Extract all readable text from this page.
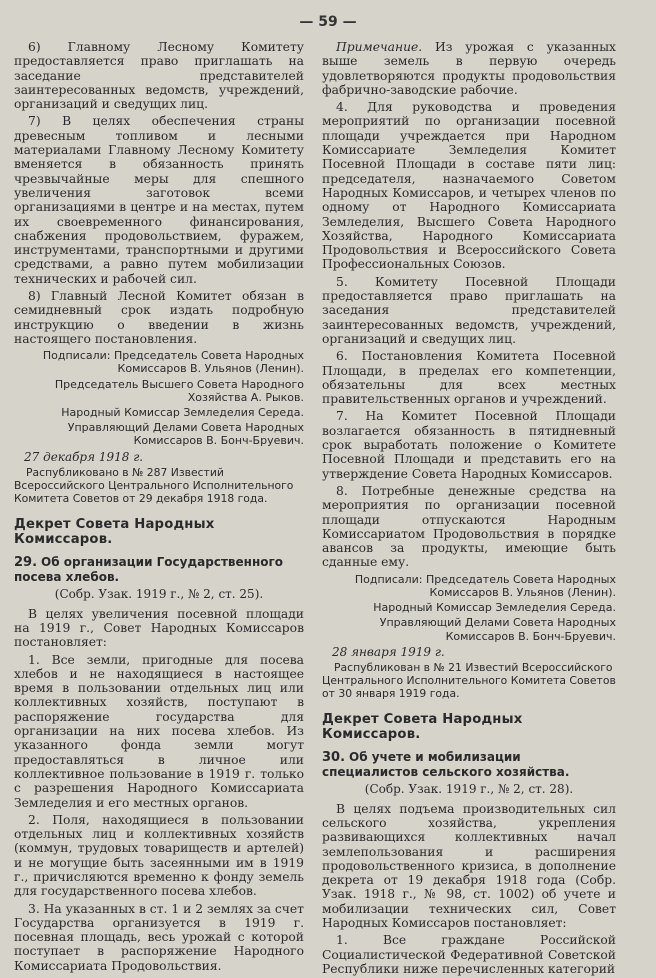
— 59 —

6) Главному Лесному Комитету предоставляется право приглашать на заседание представителей заинтересованных ведомств, учреждений, организаций и сведущих лиц.

7) В целях обеспечения страны древесным топливом и лесными материалами Главному Лесному Комитету вменяется в обязанность принять чрезвычайные меры для спешного увеличения заготовок всеми организациями в центре и на местах, путем их своевременного финансирования, снабжения продовольствием, фуражем, инструментами, транспортными и другими средствами, а равно путем мобилизации технических и рабочей сил.

8) Главный Лесной Комитет обязан в семидневный срок издать подробную инструкцию о введении в жизнь настоящего постановления.

Подписали: Председатель Совета Народных Комиссаров В. Ульянов (Ленин).

Председатель Высшего Совета Народного Хозяйства А. Рыков.

Народный Комиссар Земледелия Середа.

Управляющий Делами Совета Народных Комиссаров В. Бонч-Бруевич.

27 декабря 1918 г.

Распубликовано в № 287 Известий Всероссийского Центрального Исполнительного Комитета Советов от 29 декабря 1918 года.

Декрет Совета Народных Комиссаров.

29. Об организации Государственного посева хлебов.

(Собр. Узак. 1919 г., № 2, ст. 25).

В целях увеличения посевной площади на 1919 г., Совет Народных Комиссаров постановляет:

1. Все земли, пригодные для посева хлебов и не находящиеся в настоящее время в пользовании отдельных лиц или коллективных хозяйств, поступают в распоряжение государства для организации на них посева хлебов. Из указанного фонда земли могут предоставляться в личное или коллективное пользование в 1919 г. только с разрешения Народного Комиссариата Земледелия и его местных органов.

2. Поля, находящиеся в пользовании отдельных лиц и коллективных хозяйств (коммун, трудовых товариществ и артелей) и не могущие быть засеянными им в 1919 г., причисляются временно к фонду земель для государственного посева хлебов.

3. На указанных в ст. 1 и 2 землях за счет Государства организуется в 1919 г. посевная площадь, весь урожай с которой поступает в распоряжение Народного Комиссариата Продовольствия.

Примечание. Из урожая с указанных выше земель в первую очередь удовлетворяются продукты продовольствия фабрично-заводские рабочие.

4. Для руководства и проведения мероприятий по организации посевной площади учреждается при Народном Комиссариате Земледелия Комитет Посевной Площади в составе пяти лиц: председателя, назначаемого Советом Народных Комиссаров, и четырех членов по одному от Народного Комиссариата Земледелия, Высшего Совета Народного Хозяйства, Народного Комиссариата Продовольствия и Всероссийского Совета Профессиональных Союзов.

5. Комитету Посевной Площади предоставляется право приглашать на заседания представителей заинтересованных ведомств, учреждений, организаций и сведущих лиц.

6. Постановления Комитета Посевной Площади, в пределах его компетенции, обязательны для всех местных правительственных органов и учреждений.

7. На Комитет Посевной Площади возлагается обязанность в пятидневный срок выработать положение о Комитете Посевной Площади и представить его на утверждение Совета Народных Комиссаров.

8. Потребные денежные средства на мероприятия по организации посевной площади отпускаются Народным Комиссариатом Продовольствия в порядке авансов за продукты, имеющие быть сданные ему.

Подписали: Председатель Совета Народных Комиссаров В. Ульянов (Ленин).

Народный Комиссар Земледелия Середа.

Управляющий Делами Совета Народных Комиссаров В. Бонч-Бруевич.

28 января 1919 г.

Распубликован в № 21 Известий Всероссийского Центрального Исполнительного Комитета Советов от 30 января 1919 года.

Декрет Совета Народных Комиссаров.

30. Об учете и мобилизации специалистов сельского хозяйства.

(Собр. Узак. 1919 г., № 2, ст. 28).

В целях подъема производительных сил сельского хозяйства, укрепления развивающихся коллективных начал землепользования и расширения продовольственного кризиса, в дополнение декрета от 19 декабря 1918 года (Собр. Узак. 1918 г., № 98, ст. 1002) об учете и мобилизации технических сил, Совет Народных Комиссаров постановляет:

1. Все граждане Российской Социалистической Федеративной Советской Республики ниже перечисленных категорий
